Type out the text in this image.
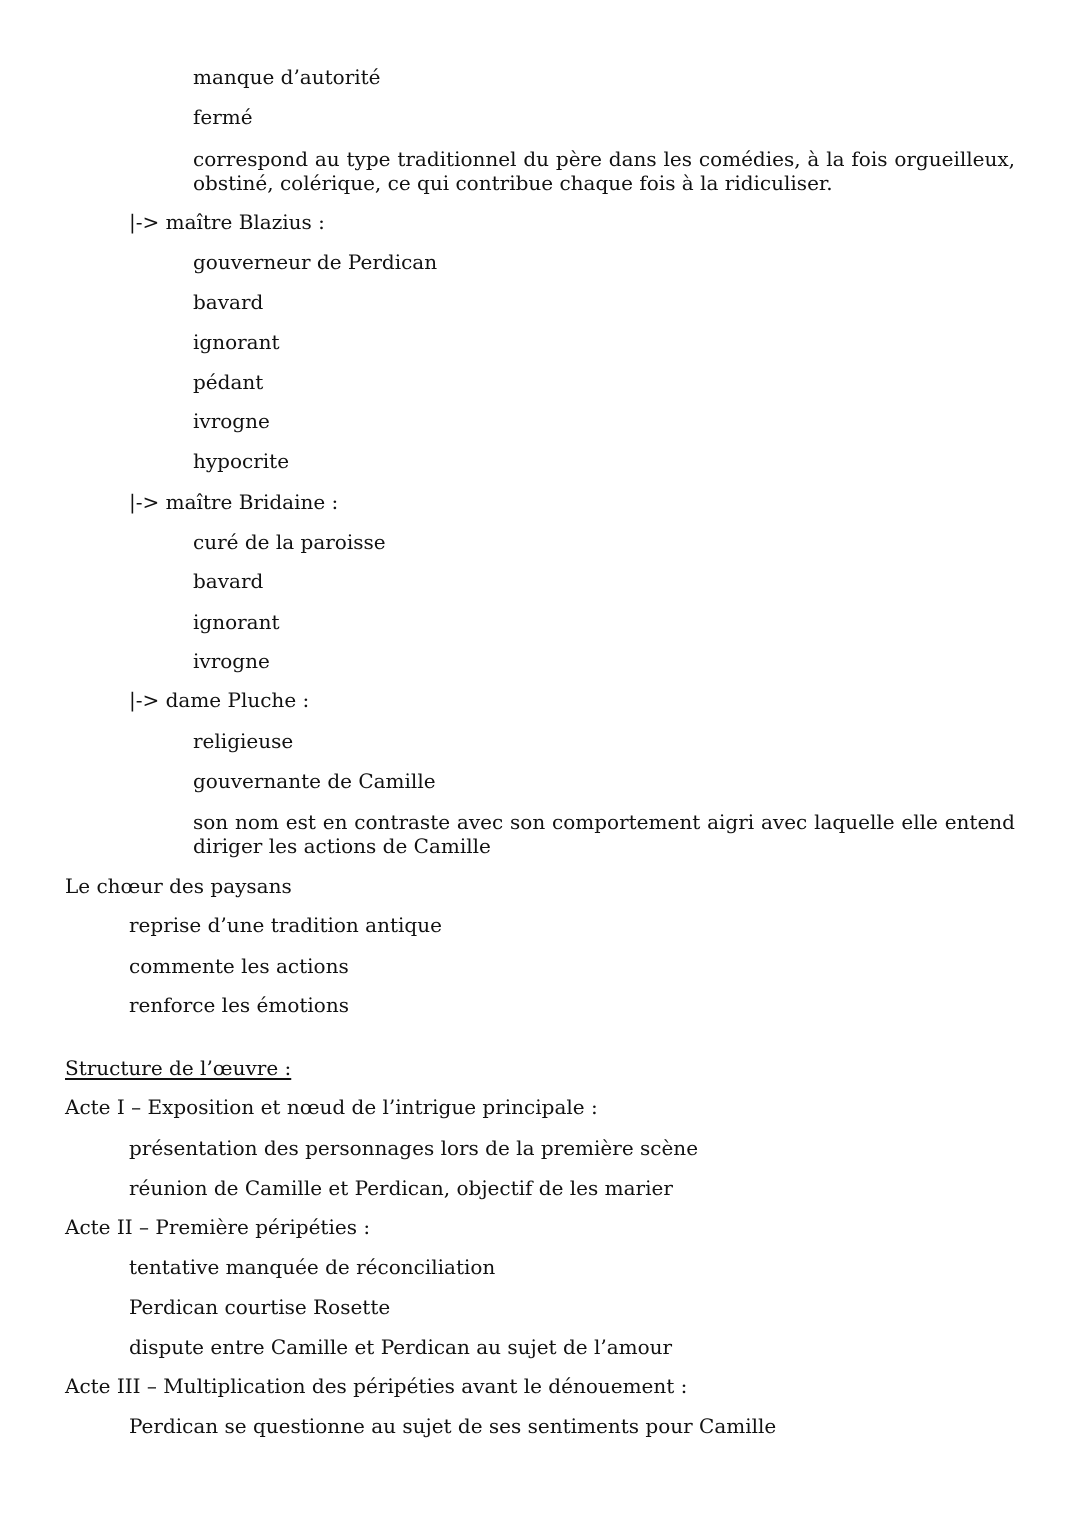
manque d’autorité
fermé
correspond au type traditionnel du père dans les comédies, à la fois orgueilleux, obstiné, colérique, ce qui contribue chaque fois à la ridiculiser.
|-> maître Blazius :
gouverneur de Perdican
bavard
ignorant
pédant
ivrogne
hypocrite
|-> maître Bridaine :
curé de la paroisse
bavard
ignorant
ivrogne
|-> dame Pluche :
religieuse
gouvernante de Camille
son nom est en contraste avec son comportement aigri avec laquelle elle entend diriger les actions de Camille
Le chœur des paysans
reprise d’une tradition antique
commente les actions
renforce les émotions
Structure de l’œuvre :
Acte I – Exposition et nœud de l’intrigue principale :
présentation des personnages lors de la première scène
réunion de Camille et Perdican, objectif de les marier
Acte II – Première péripéties :
tentative manquée de réconciliation
Perdican courtise Rosette
dispute entre Camille et Perdican au sujet de l’amour
Acte III – Multiplication des péripéties avant le dénouement :
Perdican se questionne au sujet de ses sentiments pour Camille
